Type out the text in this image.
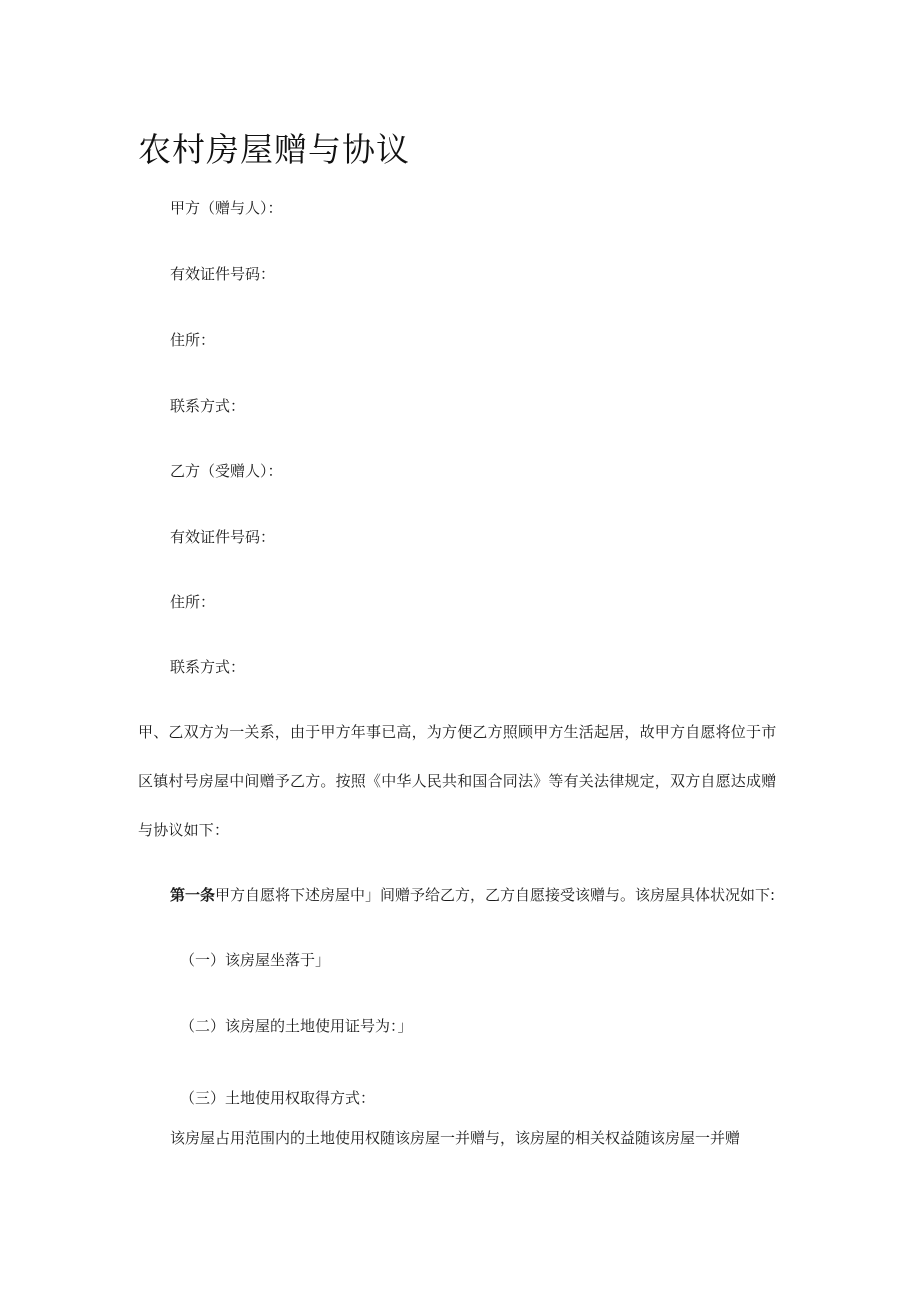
农村房屋赠与协议
甲方（赠与人）：
有效证件号码：
住所：
联系方式：
乙方（受赠人）：
有效证件号码：
住所：
联系方式：
甲、乙双方为一关系，由于甲方年事已高，为方便乙方照顾甲方生活起居，故甲方自愿将位于市
区镇村号房屋中间赠予乙方。按照《中华人民共和国合同法》等有关法律规定，双方自愿达成赠
与协议如下：
第一条甲方自愿将下述房屋中」间赠予给乙方，乙方自愿接受该赠与。该房屋具体状况如下:
（一）该房屋坐落于」
（二）该房屋的土地使用证号为：」
（三）土地使用权取得方式：
该房屋占用范围内的土地使用权随该房屋一并赠与，该房屋的相关权益随该房屋一并赠
